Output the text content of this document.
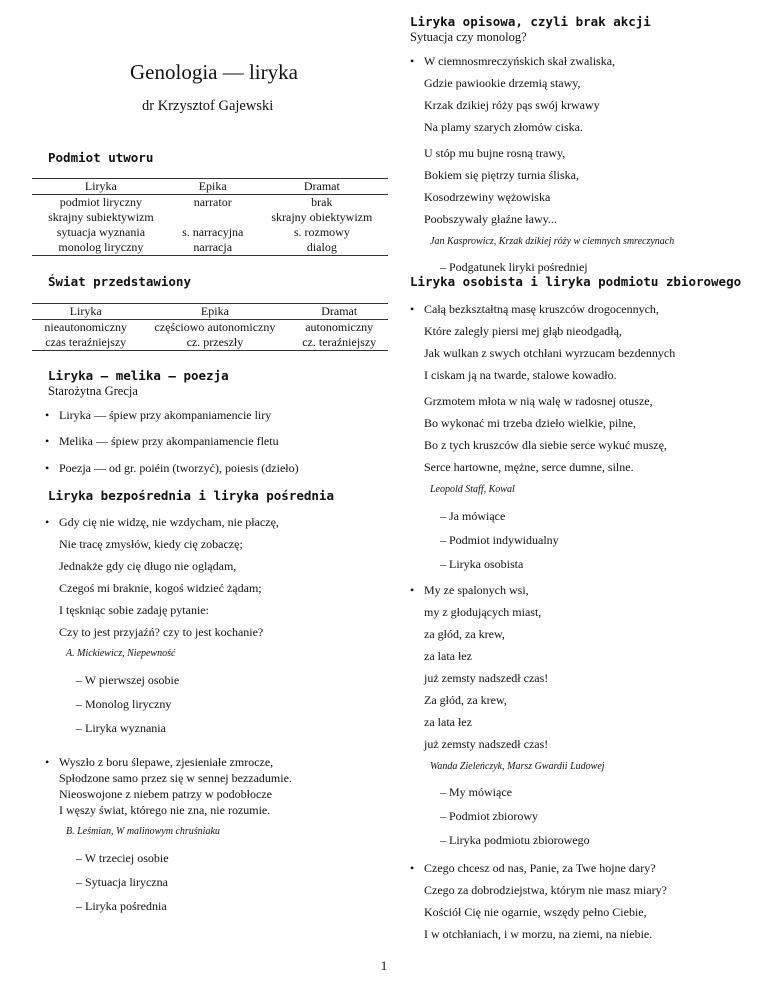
Genologia — liryka
dr Krzysztof Gajewski
Podmiot utworu
Liryka	Epika	Dramat
podmiot liryczny	narrator	brak
skrajny subiektywizm		skrajny obiektywizm
sytuacja wyznania	s. narracyjna	s. rozmowy
monolog liryczny	narracja	dialog
Świat przedstawiony
Liryka	Epika	Dramat
nieautonomiczny	częściowo autonomiczny	autonomiczny
czas teraźniejszy	cz. przeszły	cz. teraźniejszy
Liryka — melika — poezja
Starożytna Grecja
• Liryka — śpiew przy akompaniamencie liry
• Melika — śpiew przy akompaniamencie fletu
• Poezja — od gr. poiéin (tworzyć), poiesis (dzieło)
Liryka bezpośrednia i liryka pośrednia
• Gdy cię nie widzę, nie wzdycham, nie płaczę,
Nie tracę zmysłów, kiedy cię zobaczę;
Jednakże gdy cię długo nie oglądam,
Czegoś mi braknie, kogoś widzieć żądam;
I tęskniąc sobie zadaję pytanie:
Czy to jest przyjaźń? czy to jest kochanie?
A. Mickiewicz, Niepewność
– W pierwszej osobie
– Monolog liryczny
– Liryka wyznania
• Wyszło z boru ślepawe, zjesieniałe zmrocze,
Spłodzone samo przez się w sennej bezzadumie.
Nieoswojone z niebem patrzy w podobłocze
I węszy świat, którego nie zna, nie rozumie.
B. Leśmian, W malinowym chruśniaku
– W trzeciej osobie
– Sytuacja liryczna
– Liryka pośrednia
Liryka opisowa, czyli brak akcji
Sytuacja czy monolog?
• W ciemnosmreczyńskich skał zwaliska,
Gdzie pawiookie drzemią stawy,
Krzak dzikiej róży pąs swój krwawy
Na plamy szarych złomów ciska.
U stóp mu bujne rosną trawy,
Bokiem się piętrzy turnia śliska,
Kosodrzewiny wężowiska
Poobszywały głaźne ławy...
Jan Kasprowicz, Krzak dzikiej róży w ciemnych smreczynach
– Podgatunek liryki pośredniej
Liryka osobista i liryka podmiotu zbiorowego
• Całą bezkształtną masę kruszców drogocennych,
Które zaległy piersi mej głąb nieodgadłą,
Jak wulkan z swych otchłani wyrzucam bezdennych
I ciskam ją na twarde, stalowe kowadło.
Grzmotem młota w nią walę w radosnej otusze,
Bo wykonać mi trzeba dzieło wielkie, pilne,
Bo z tych kruszców dla siebie serce wykuć muszę,
Serce hartowne, mężne, serce dumne, silne.
Leopold Staff, Kowal
– Ja mówiące
– Podmiot indywidualny
– Liryka osobista
• My ze spalonych wsi,
my z głodujących miast,
za głód, za krew,
za lata łez
już zemsty nadszedł czas!
Za głód, za krew,
za lata łez
już zemsty nadszedł czas!
Wanda Zieleńczyk, Marsz Gwardii Ludowej
– My mówiące
– Podmiot zbiorowy
– Liryka podmiotu zbiorowego
• Czego chcesz od nas, Panie, za Twe hojne dary?
Czego za dobrodziejstwa, którym nie masz miary?
Kościół Cię nie ogarnie, wszędy pełno Ciebie,
I w otchłaniach, i w morzu, na ziemi, na niebie.
1
